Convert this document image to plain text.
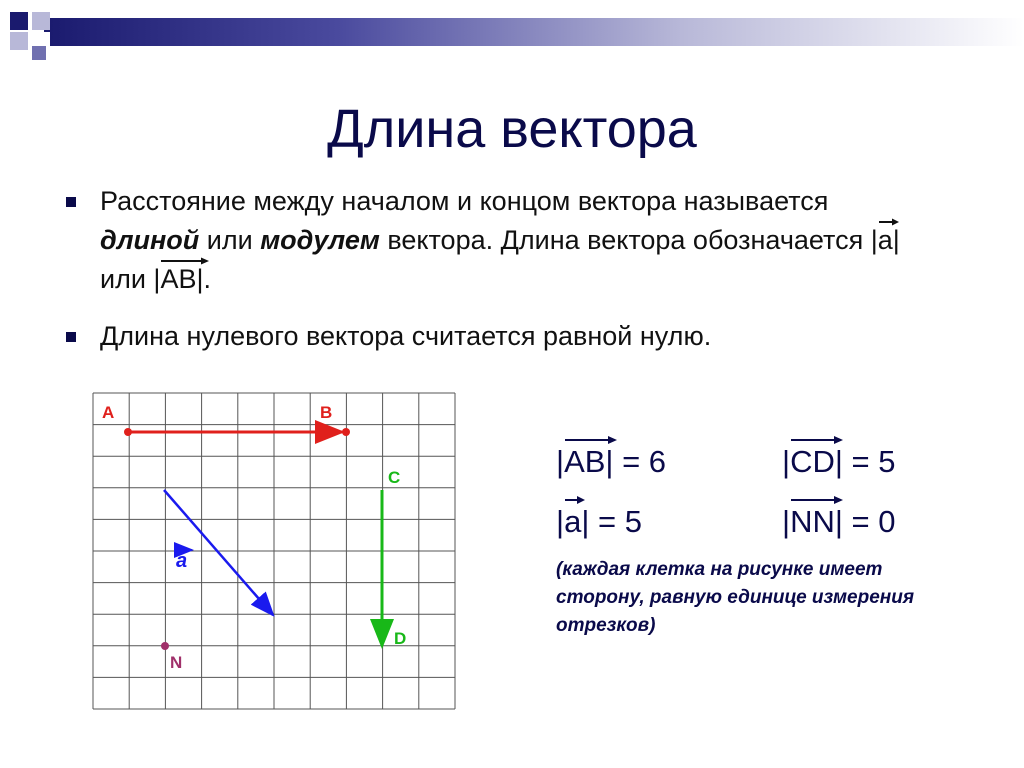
Длина вектора
Расстояние между началом и концом вектора называется длиной или модулем вектора. Длина вектора обозначается |
a| или |
AB|.
Длина нулевого вектора считается равной нулю.
A	B
a
C
D
N
|
AB| = 6	|
CD| = 5
|
a| = 5	|
NN| = 0
(каждая клетка на рисунке имеет сторону, равную единице измерения отрезков)
